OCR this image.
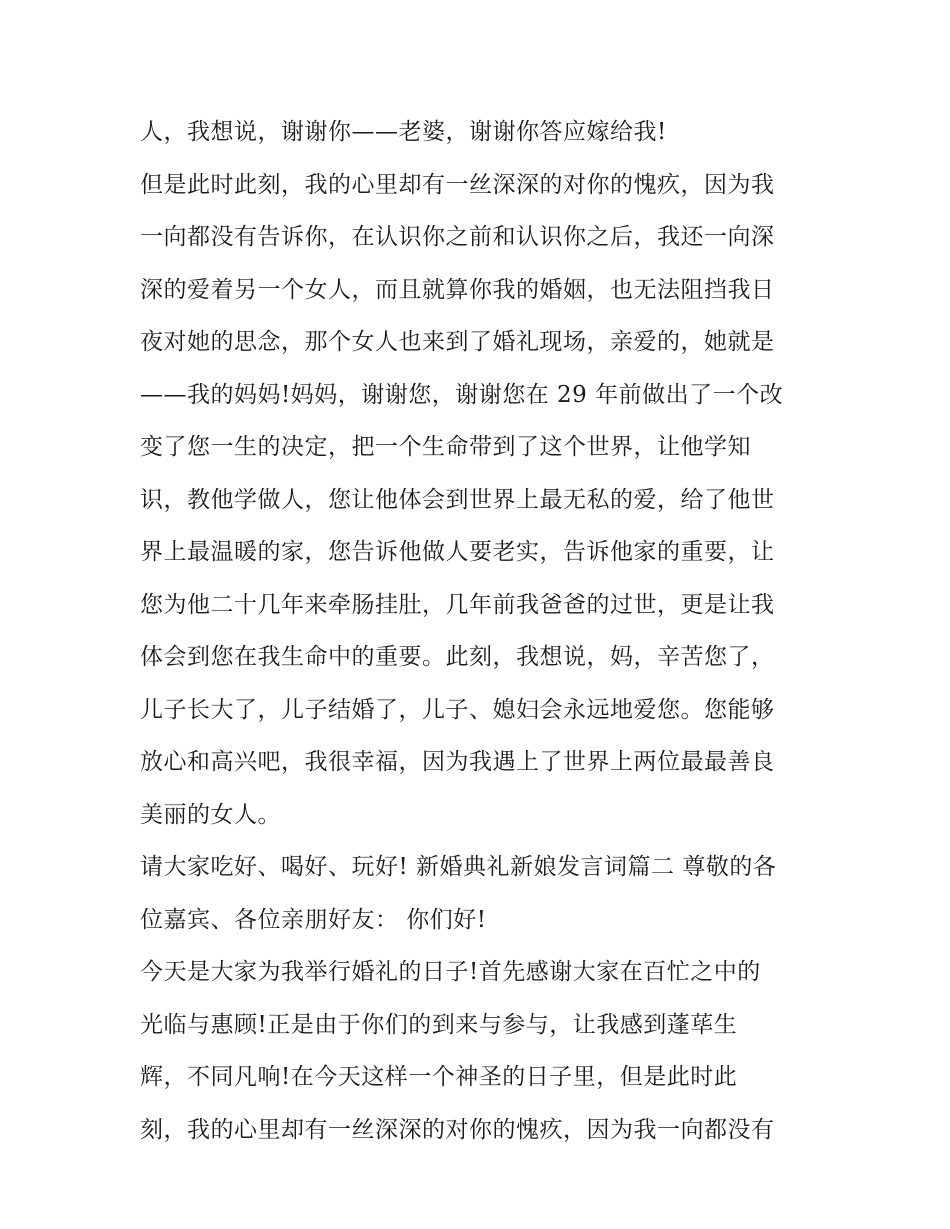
人，我想说，谢谢你——老婆，谢谢你答应嫁给我!
但是此时此刻，我的心里却有一丝深深的对你的愧疚，因为我
一向都没有告诉你，在认识你之前和认识你之后，我还一向深
深的爱着另一个女人，而且就算你我的婚姻，也无法阻挡我日
夜对她的思念，那个女人也来到了婚礼现场，亲爱的，她就是
——我的妈妈!妈妈，谢谢您，谢谢您在 29 年前做出了一个改
变了您一生的决定，把一个生命带到了这个世界，让他学知
识，教他学做人，您让他体会到世界上最无私的爱，给了他世
界上最温暖的家，您告诉他做人要老实，告诉他家的重要，让
您为他二十几年来牵肠挂肚，几年前我爸爸的过世，更是让我
体会到您在我生命中的重要。此刻，我想说，妈，辛苦您了，
儿子长大了，儿子结婚了，儿子、媳妇会永远地爱您。您能够
放心和高兴吧，我很幸福，因为我遇上了世界上两位最最善良
美丽的女人。
请大家吃好、喝好、玩好! 新婚典礼新娘发言词篇二 尊敬的各
位嘉宾、各位亲朋好友： 你们好!
今天是大家为我举行婚礼的日子!首先感谢大家在百忙之中的
光临与惠顾!正是由于你们的到来与参与，让我感到蓬荜生
辉，不同凡响!在今天这样一个神圣的日子里，但是此时此
刻，我的心里却有一丝深深的对你的愧疚，因为我一向都没有
